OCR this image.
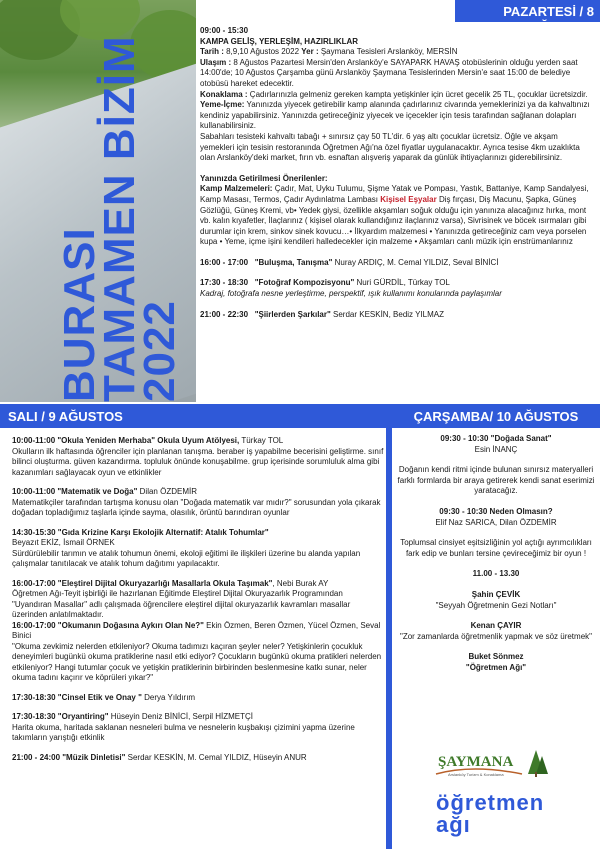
BURASI
TAMAMEN BİZİM
2022
PAZARTESİ / 8 AĞUSTOS

09:00 - 15:30

KAMPA GELİŞ, YERLEŞİM, HAZIRLIKLAR

Tarih : 8,9,10 Ağustos 2022 Yer : Şaymana Tesisleri Arslanköy, MERSİN

Ulaşım : 8 Ağustos Pazartesi Mersin'den Arslanköy'e SAYAPARK HAVAŞ otobüslerinin olduğu yerden saat 14:00'de; 10 Ağustos Çarşamba günü Arslanköy Şaymana Tesislerinden Mersin'e saat 15:00 de belediye otobüsü hareket edecektir.

Konaklama : Çadırlarınızla gelmeniz gereken kampta yetişkinler için ücret gecelik 25 TL, çocuklar ücretsizdir.

Yeme-İçme: Yanınızda yiyecek getirebilir kamp alanında çadırlarınız civarında yemeklerinizi ya da kahvaltınızı kendiniz yapabilirsiniz. Yanınızda getireceğiniz yiyecek ve içecekler için tesis tarafından sağlanan dolapları kullanabilirsiniz.

Sabahları tesisteki kahvaltı tabağı + sınırsız çay 50 TL'dir. 6 yaş altı çocuklar ücretsiz. Öğle ve akşam yemekleri için tesisin restoranında Öğretmen Ağı'na özel fiyatlar uygulanacaktır. Ayrıca tesise 4km uzaklıkta olan Arslanköy'deki market, fırın vb. esnaftan alışveriş yaparak da günlük ihtiyaçlarınızı giderebilirsiniz.

Yanınızda Getirilmesi Önerilenler:

Kamp Malzemeleri: Çadır, Mat, Uyku Tulumu, Şişme Yatak ve Pompası, Yastık, Battaniye, Kamp Sandalyesi, Kamp Masası, Termos, Çadır Aydınlatma Lambası Kişisel Eşyalar Diş fırçası, Diş Macunu, Şapka, Güneş Gözlüğü, Güneş Kremi, vb• Yedek giysi, özellikle akşamları soğuk olduğu için yanınıza alacağınız hırka, mont vb. kalın kıyafetler, İlaçlarınız ( kişisel olarak kullandığınız ilaçlarınız varsa), Sivrisinek ve böcek ısırmaları gibi durumlar için krem, sinkov sinek kovucu…• İlkyardım malzemesi • Yanınızda getireceğiniz cam veya porselen kupa • Yeme, içme işini kendileri halledecekler için malzeme • Akşamları canlı müzik için enstrümanlarınız

16:00 - 17:00 "Buluşma, Tanışma" Nuray ARDIÇ, M. Cemal YILDIZ, Seval BİNİCİ

17:30 - 18:30 "Fotoğraf Kompozisyonu" Nuri GÜRDİL, Türkay TOL

Kadraj, fotoğrafa nesne yerleştirme, perspektif, ışık kullanımı konularında paylaşımlar

21:00 - 22:30 "Şiirlerden Şarkılar" Serdar KESKİN, Bediz YILMAZ

SALI / 9 AĞUSTOS	ÇARŞAMBA/ 10 AĞUSTOS

10:00-11:00 "Okula Yeniden Merhaba" Okula Uyum Atölyesi, Türkay TOL

Okulların ilk haftasında öğrenciler için planlanan tanışma. beraber iş yapabilme becerisini geliştirme. sınıf bilinci oluşturma. güven kazandırma. topluluk önünde konuşabilme. grup içerisinde sorumluluk alma gibi kazanımları sağlayacak oyun ve etkinlikler

10:00-11:00 "Matematik ve Doğa" Dilan ÖZDEMİR

Matematikçiler tarafından tartışma konusu olan "Doğada matematik var mıdır?" sorusundan yola çıkarak doğadan topladığımız taşlarla içinde sayma, olasılık, örüntü barındıran oyunlar

14:30-15:30 "Gıda Krizine Karşı Ekolojik Alternatif: Atalık Tohumlar"

Beyazıt EKİZ, İsmail ÖRNEK

Sürdürülebilir tarımın ve atalık tohumun önemi, ekoloji eğitimi ile ilişkileri üzerine bu alanda yapılan çalışmalar tanıtılacak ve atalık tohum dağıtımı yapılacaktır.

16:00-17:00 "Eleştirel Dijital Okuryazarlığı Masallarla Okula Taşımak", Nebi Burak AY

Öğretmen Ağı-Teyit işbirliği ile hazırlanan Eğitimde Eleştirel Dijital Okuryazarlık Programından "Uyandıran Masallar" adlı çalışmada öğrencilere eleştirel dijital okuryazarlık kavramları masallar üzerinden anlatılmaktadır.

16:00-17:00 "Okumanın Doğasına Aykırı Olan Ne?" Ekin Özmen, Beren Özmen, Yücel Özmen, Seval Binici

"Okuma zevkimiz nelerden etkileniyor? Okuma tadımızı kaçıran şeyler neler? Yetişkinlerin çocukluk deneyimleri bugünkü okuma pratiklerine nasıl etki ediyor? Çocukların bugünkü okuma pratikleri nelerden etkileniyor? Hangi tutumlar çocuk ve yetişkin pratiklerinin birbirinden beslenmesine katkı sunar, neler okuma tadını kaçırır ve köprüleri yıkar?"

17:30-18:30 "Cinsel Etik ve Onay " Derya Yıldırım

17:30-18:30 "Oryantiring" Hüseyin Deniz BİNİCİ, Serpil HİZMETÇİ

Harita okuma, haritada saklanan nesneleri bulma ve nesnelerin kuşbakışı çizimini yapma üzerine takımların yarıştığı etkinlik

21:00 - 24:00 "Müzik Dinletisi" Serdar KESKİN, M. Cemal YILDIZ, Hüseyin ANUR

09:30 - 10:30 "Doğada Sanat"

Esin İNANÇ

Doğanın kendi ritmi içinde bulunan sınırsız materyalleri farklı formlarda bir araya getirerek kendi sanat eserimizi yaratacağız.

09:30 - 10:30 Neden Olmasın?

Elif Naz SARICA, Dilan ÖZDEMİR

Toplumsal cinsiyet eşitsizliğinin yol açtığı ayrımcılıkları fark edip ve bunları tersine çevireceğimiz bir oyun !

11.00 - 13.30

Şahin ÇEVİK

"Seyyah Öğretmenin Gezi Notları"

Kenan ÇAYIR

"Zor zamanlarda öğretmenlik yapmak ve söz üretmek"

Buket Sönmez

"Öğretmen Ağı"

ŞAYMANA
Arslanköy Turizm & Konaklama
öğretmen
ağı
